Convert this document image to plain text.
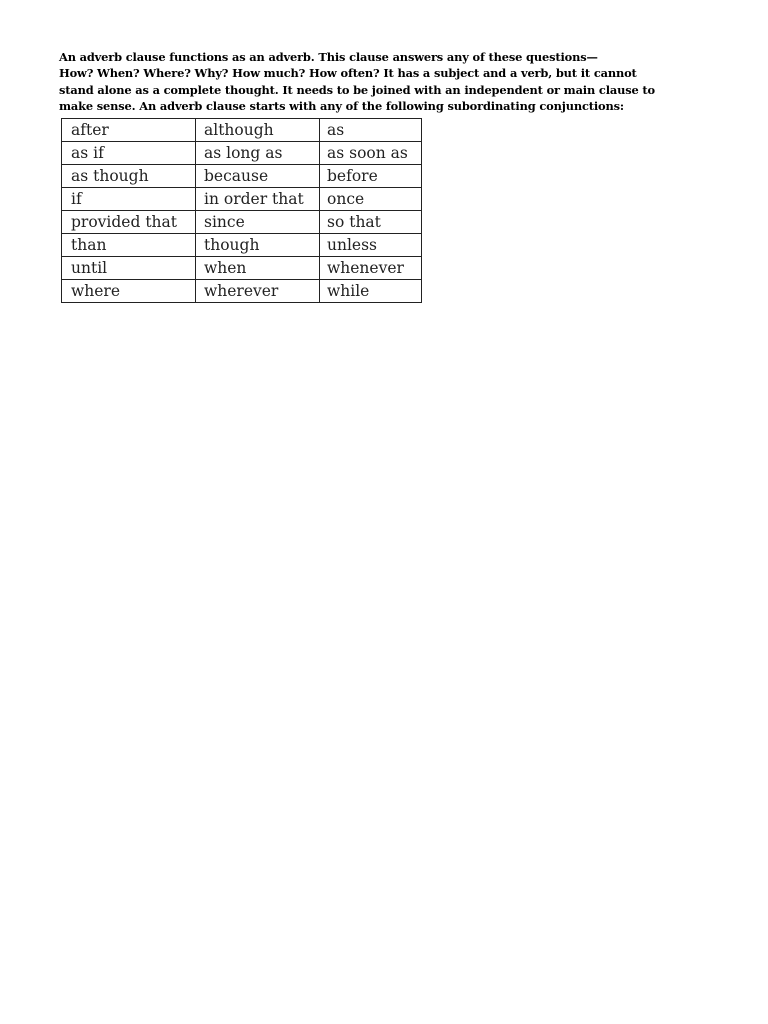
An adverb clause functions as an adverb. This clause answers any of these questions—
How? When? Where? Why? How much? How often? It has a subject and a verb, but it cannot
stand alone as a complete thought. It needs to be joined with an independent or main clause to
make sense. An adverb clause starts with any of the following subordinating conjunctions:
after	although	as
as if	as long as	as soon as
as though	because	before
if	in order that	once
provided that	since	so that
than	though	unless
until	when	whenever
where	wherever	while
